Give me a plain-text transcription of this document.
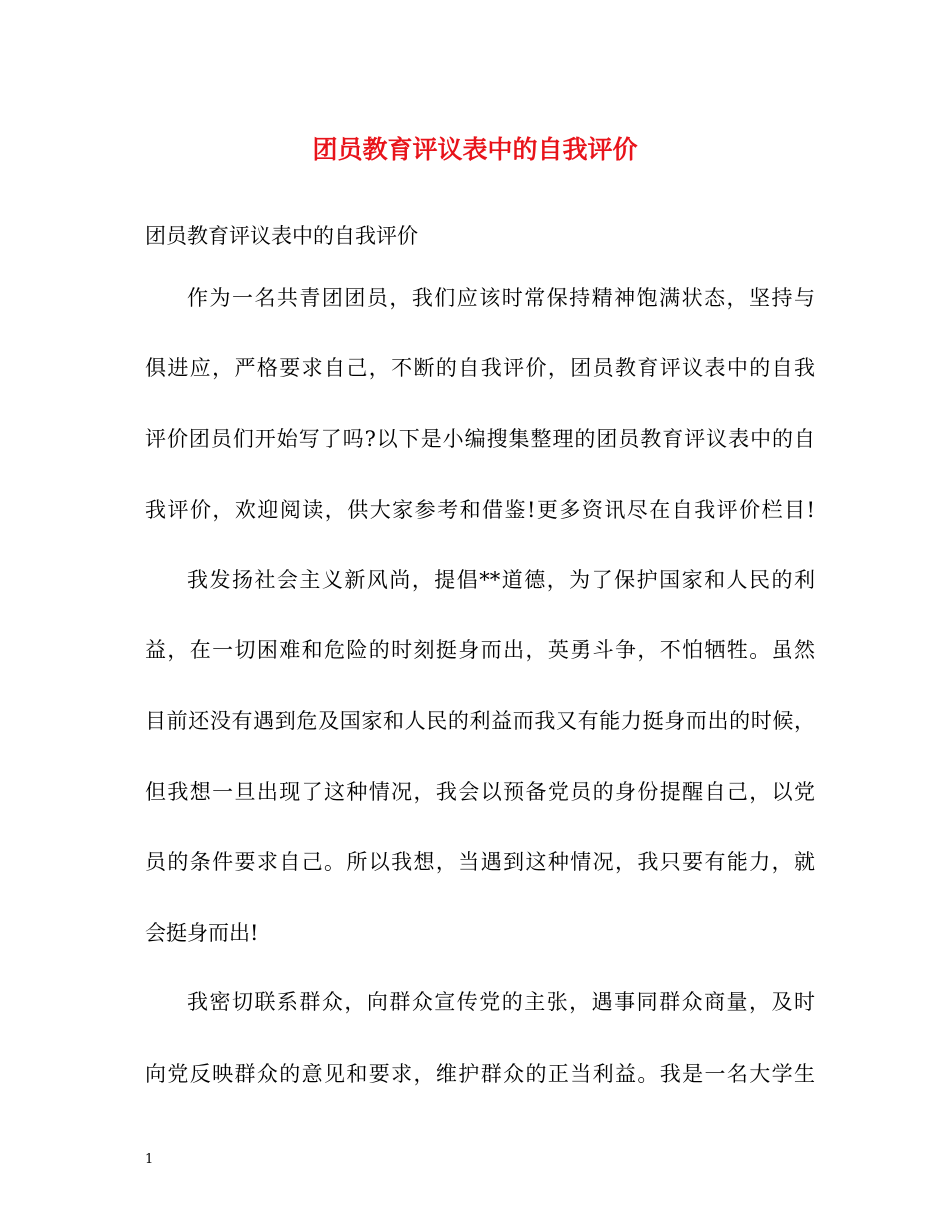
团员教育评议表中的自我评价
团员教育评议表中的自我评价
作为一名共青团团员，我们应该时常保持精神饱满状态，坚持与
俱进应，严格要求自己，不断的自我评价，团员教育评议表中的自我
评价团员们开始写了吗?以下是小编搜集整理的团员教育评议表中的自
我评价，欢迎阅读，供大家参考和借鉴!更多资讯尽在自我评价栏目!
我发扬社会主义新风尚，提倡**道德，为了保护国家和人民的利
益，在一切困难和危险的时刻挺身而出，英勇斗争，不怕牺牲。虽然
目前还没有遇到危及国家和人民的利益而我又有能力挺身而出的时候，
但我想一旦出现了这种情况，我会以预备党员的身份提醒自己，以党
员的条件要求自己。所以我想，当遇到这种情况，我只要有能力，就
会挺身而出!
我密切联系群众，向群众宣传党的主张，遇事同群众商量，及时
向党反映群众的意见和要求，维护群众的正当利益。我是一名大学生
1
